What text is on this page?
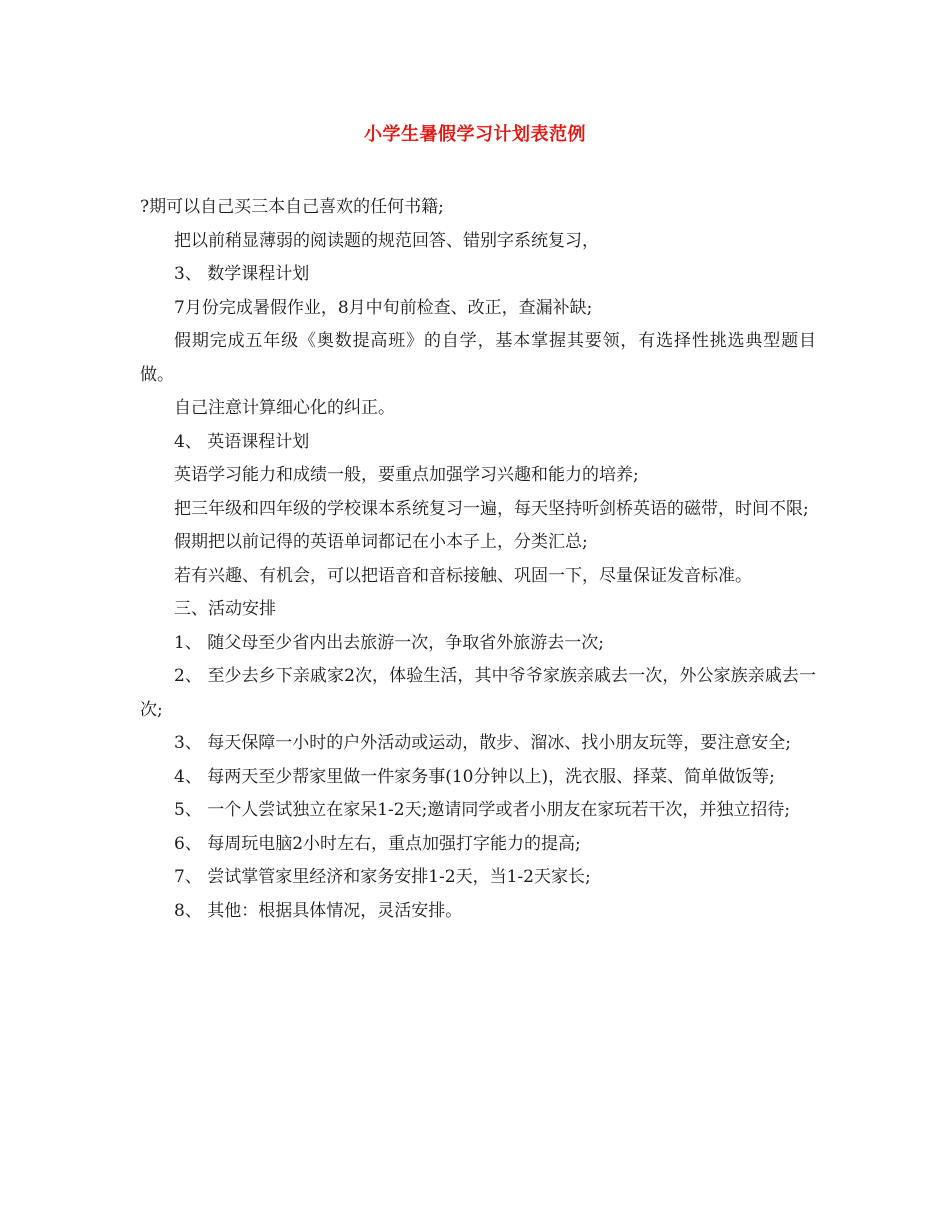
小学生暑假学习计划表范例

?期可以自己买三本自己喜欢的任何书籍;

把以前稍显薄弱的阅读题的规范回答、错别字系统复习，

3、 数学课程计划

7月份完成暑假作业，8月中旬前检查、改正，查漏补缺;

假期完成五年级《奥数提高班》的自学，基本掌握其要领，有选择性挑选典型题目做。

自己注意计算细心化的纠正。

4、 英语课程计划

英语学习能力和成绩一般，要重点加强学习兴趣和能力的培养;

把三年级和四年级的学校课本系统复习一遍，每天坚持听剑桥英语的磁带，时间不限;

假期把以前记得的英语单词都记在小本子上，分类汇总;

若有兴趣、有机会，可以把语音和音标接触、巩固一下，尽量保证发音标准。

三、活动安排

1、 随父母至少省内出去旅游一次，争取省外旅游去一次;

2、 至少去乡下亲戚家2次，体验生活，其中爷爷家族亲戚去一次，外公家族亲戚去一次;

3、 每天保障一小时的户外活动或运动，散步、溜冰、找小朋友玩等，要注意安全;

4、 每两天至少帮家里做一件家务事(10分钟以上)，洗衣服、择菜、简单做饭等;

5、 一个人尝试独立在家呆1-2天;邀请同学或者小朋友在家玩若干次，并独立招待;

6、 每周玩电脑2小时左右，重点加强打字能力的提高;

7、 尝试掌管家里经济和家务安排1-2天，当1-2天家长;

8、 其他：根据具体情况，灵活安排。
